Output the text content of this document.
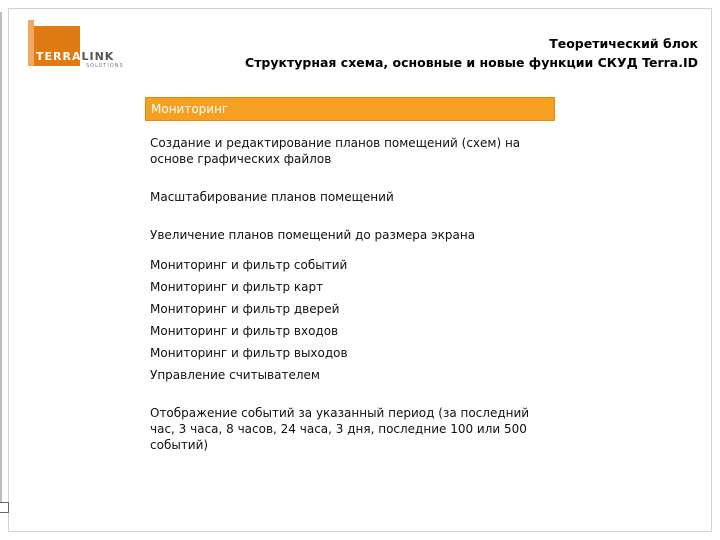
TERRALINK
SOLUTIONS
Теоретический блок
Структурная схема, основные и новые функции СКУД Terra.ID
Мониторинг
Создание и редактирование планов помещений (схем) на основе графических файлов
Масштабирование планов помещений
Увеличение планов помещений до размера экрана
Мониторинг и фильтр событий
Мониторинг и фильтр карт
Мониторинг и фильтр дверей
Мониторинг и фильтр входов
Мониторинг и фильтр выходов
Управление считывателем
Отображение событий за указанный период (за последний час, 3 часа, 8 часов, 24 часа, 3 дня, последние 100 или 500 событий)
